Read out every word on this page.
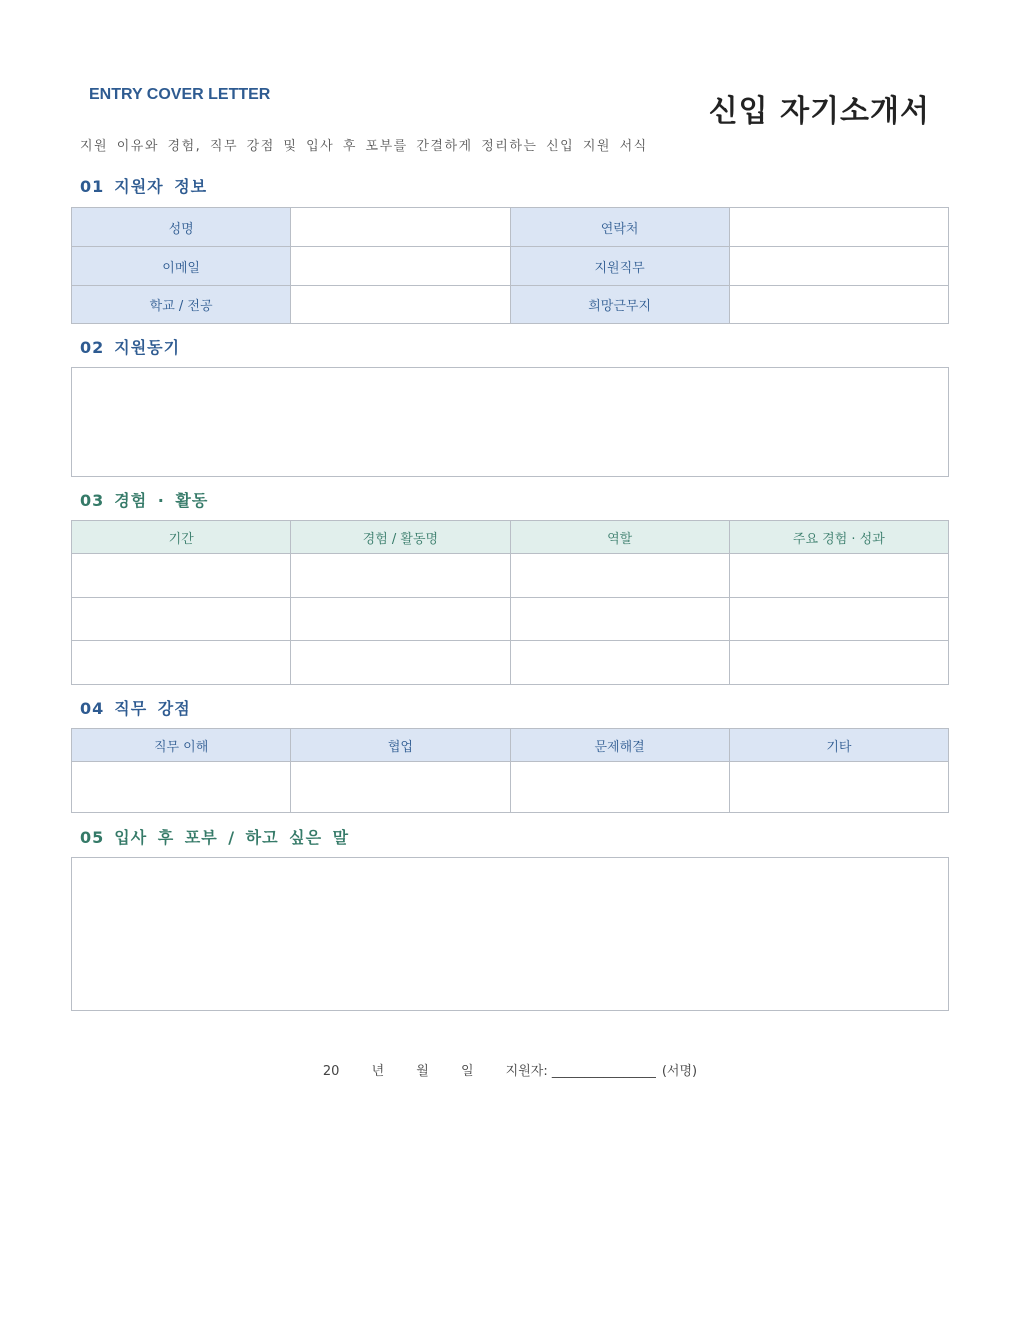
ENTRY COVER LETTER	신입 자기소개서
지원 이유와 경험, 직무 강점 및 입사 후 포부를 간결하게 정리하는 신입 지원 서식
01 지원자 정보
성명		연락처	
이메일		지원직무	
학교 / 전공		희망근무지	
02 지원동기
03 경험 · 활동
기간	경험 / 활동명	역할	주요 경험 · 성과

04 직무 강점
직무 이해	협업	문제해결	기타

05 입사 후 포부 / 하고 싶은 말
20 년 월 일 지원자: ________________ (서명)
